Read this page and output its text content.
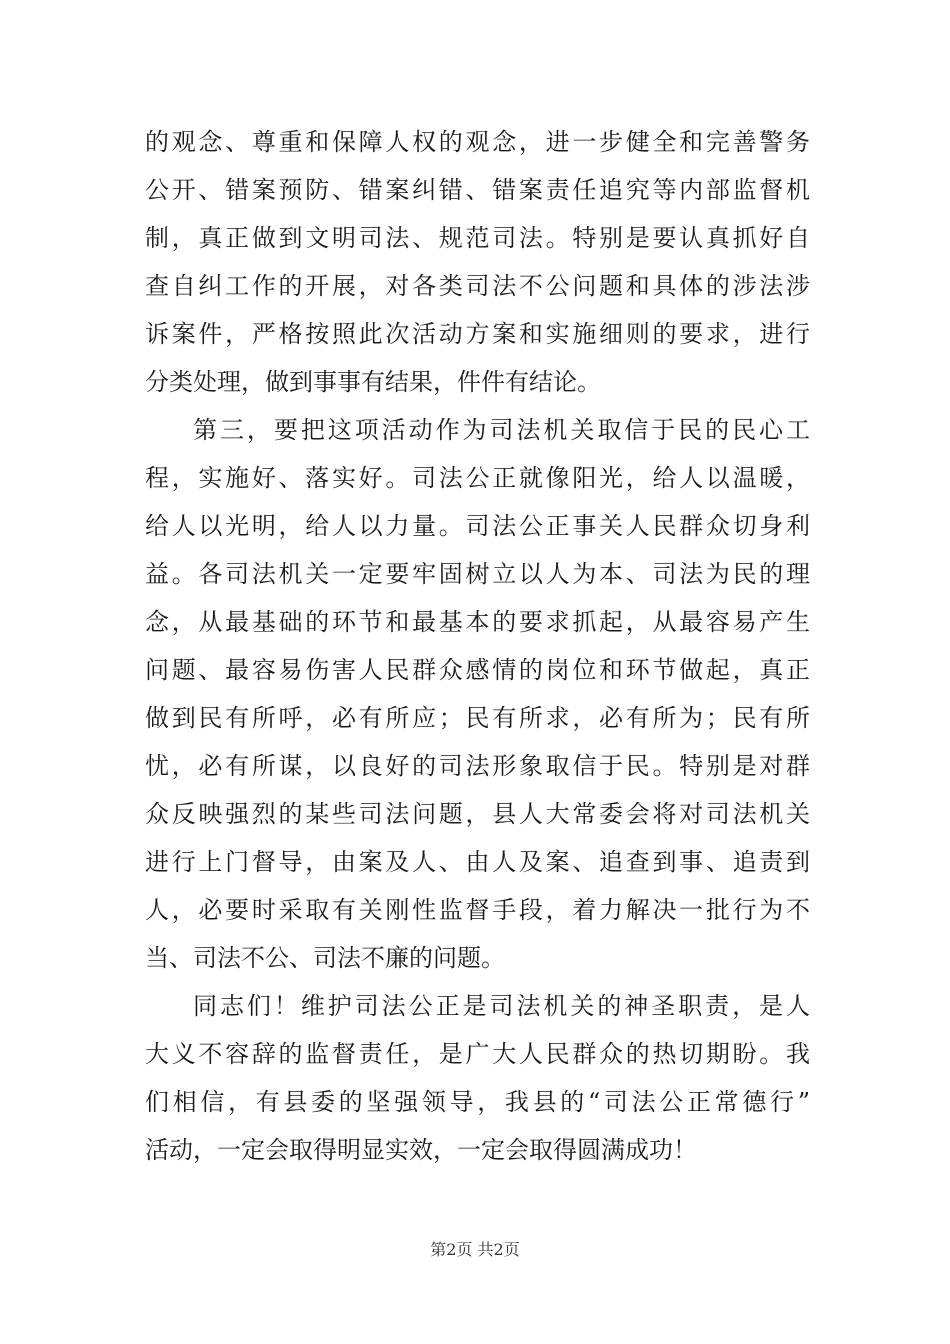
的观念、尊重和保障人权的观念，进一步健全和完善警务
公开、错案预防、错案纠错、错案责任追究等内部监督机
制，真正做到文明司法、规范司法。特别是要认真抓好自
查自纠工作的开展，对各类司法不公问题和具体的涉法涉
诉案件，严格按照此次活动方案和实施细则的要求，进行
分类处理，做到事事有结果，件件有结论。
第三，要把这项活动作为司法机关取信于民的民心工
程，实施好、落实好。司法公正就像阳光，给人以温暖，
给人以光明，给人以力量。司法公正事关人民群众切身利
益。各司法机关一定要牢固树立以人为本、司法为民的理
念，从最基础的环节和最基本的要求抓起，从最容易产生
问题、最容易伤害人民群众感情的岗位和环节做起，真正
做到民有所呼，必有所应；民有所求，必有所为；民有所
忧，必有所谋，以良好的司法形象取信于民。特别是对群
众反映强烈的某些司法问题，县人大常委会将对司法机关
进行上门督导，由案及人、由人及案、追查到事、追责到
人，必要时采取有关刚性监督手段，着力解决一批行为不
当、司法不公、司法不廉的问题。
同志们！维护司法公正是司法机关的神圣职责，是人
大义不容辞的监督责任，是广大人民群众的热切期盼。我
们相信，有县委的坚强领导，我县的“司法公正常德行”
活动，一定会取得明显实效，一定会取得圆满成功！
第2页 共2页
